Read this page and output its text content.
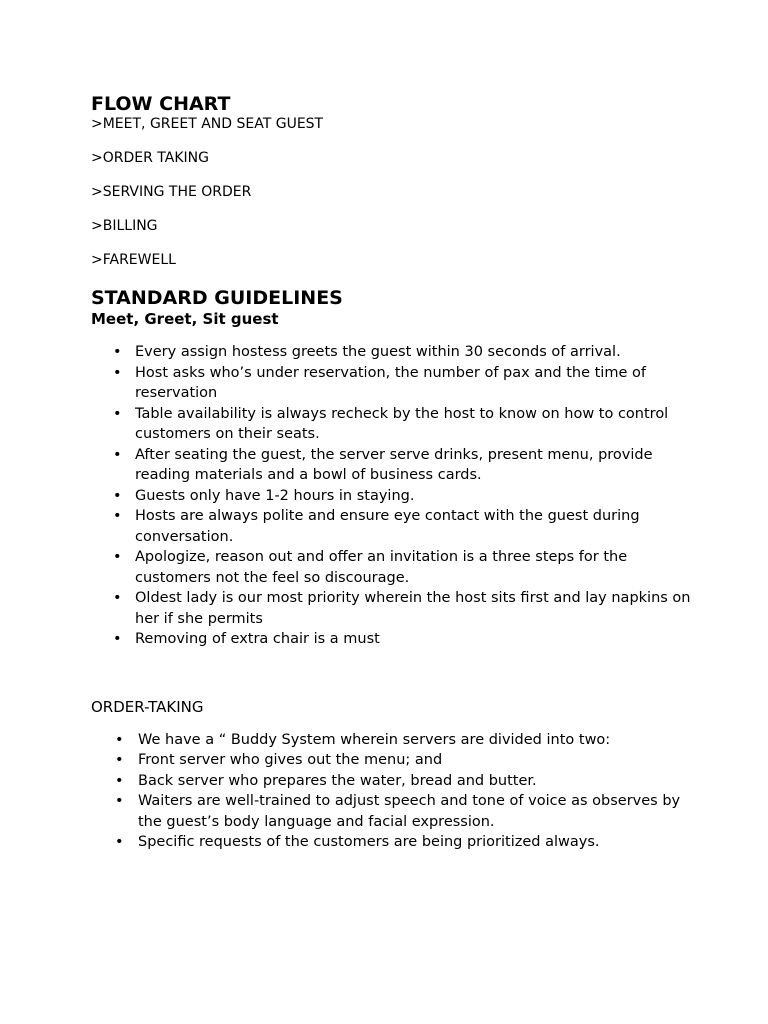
FLOW CHART
>MEET, GREET AND SEAT GUEST
>ORDER TAKING
>SERVING THE ORDER
>BILLING
>FAREWELL
STANDARD GUIDELINES
Meet, Greet, Sit guest
• Every assign hostess greets the guest within 30 seconds of arrival.
• Host asks who’s under reservation, the number of pax and the time of reservation
• Table availability is always recheck by the host to know on how to control customers on their seats.
• After seating the guest, the server serve drinks, present menu, provide reading materials and a bowl of business cards.
• Guests only have 1-2 hours in staying.
• Hosts are always polite and ensure eye contact with the guest during conversation.
• Apologize, reason out and offer an invitation is a three steps for the customers not the feel so discourage.
• Oldest lady is our most priority wherein the host sits first and lay napkins on her if she permits
• Removing of extra chair is a must
ORDER-TAKING
• We have a “ Buddy System wherein servers are divided into two:
• Front server who gives out the menu; and
• Back server who prepares the water, bread and butter.
• Waiters are well-trained to adjust speech and tone of voice as observes by the guest’s body language and facial expression.
• Specific requests of the customers are being prioritized always.
